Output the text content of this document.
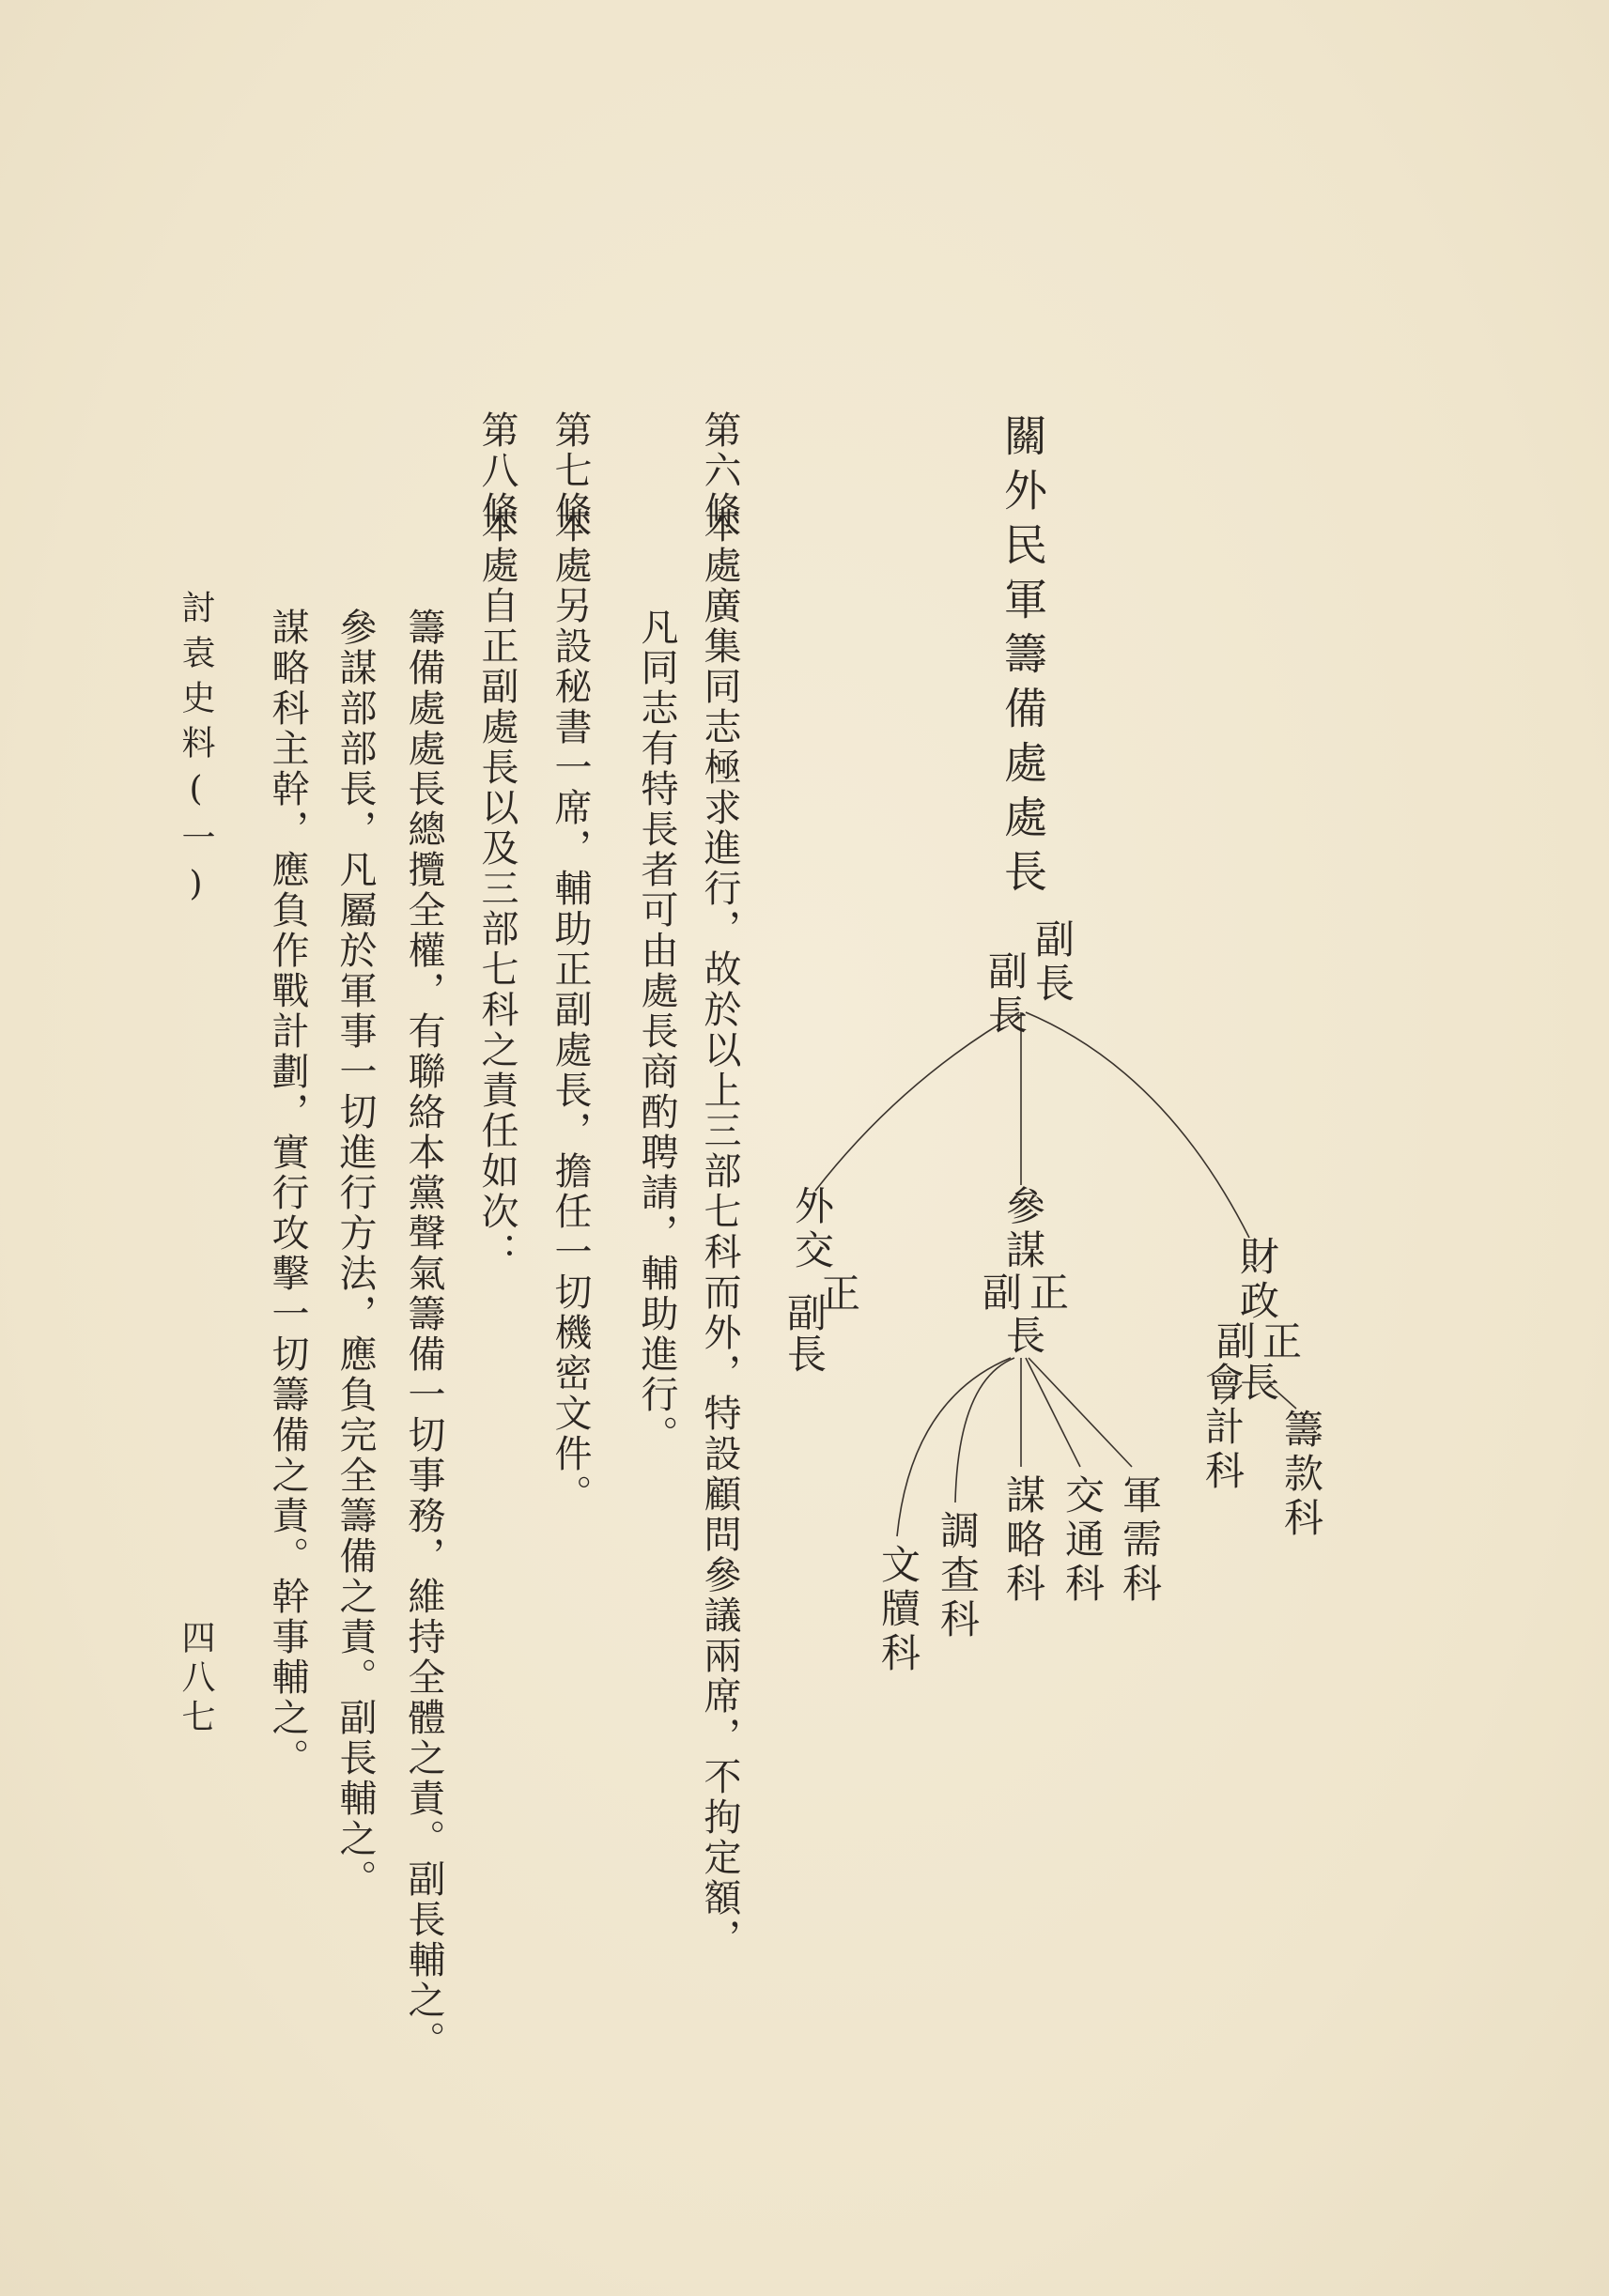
關外民軍籌備處處長
副長
副長
外交
正
副
長
參謀
正
副
長
財政
正
副
長
軍需科
交通科
謀略科
調查科
文牘科
籌款科
會計科
第六條
本處廣集同志極求進行，故於以上三部七科而外，特設顧問參議兩席，不拘定額，
凡同志有特長者可由處長商酌聘請，輔助進行。
第七條
本處另設秘書一席，輔助正副處長，擔任一切機密文件。
第八條
本處自正副處長以及三部七科之責任如次：
籌備處處長總攬全權，有聯絡本黨聲氣籌備一切事務，維持全體之責。副長輔之。
參謀部部長，凡屬於軍事一切進行方法，應負完全籌備之責。副長輔之。
謀略科主幹，應負作戰計劃，實行攻擊一切籌備之責。幹事輔之。
討袁史料(一)
四八七
